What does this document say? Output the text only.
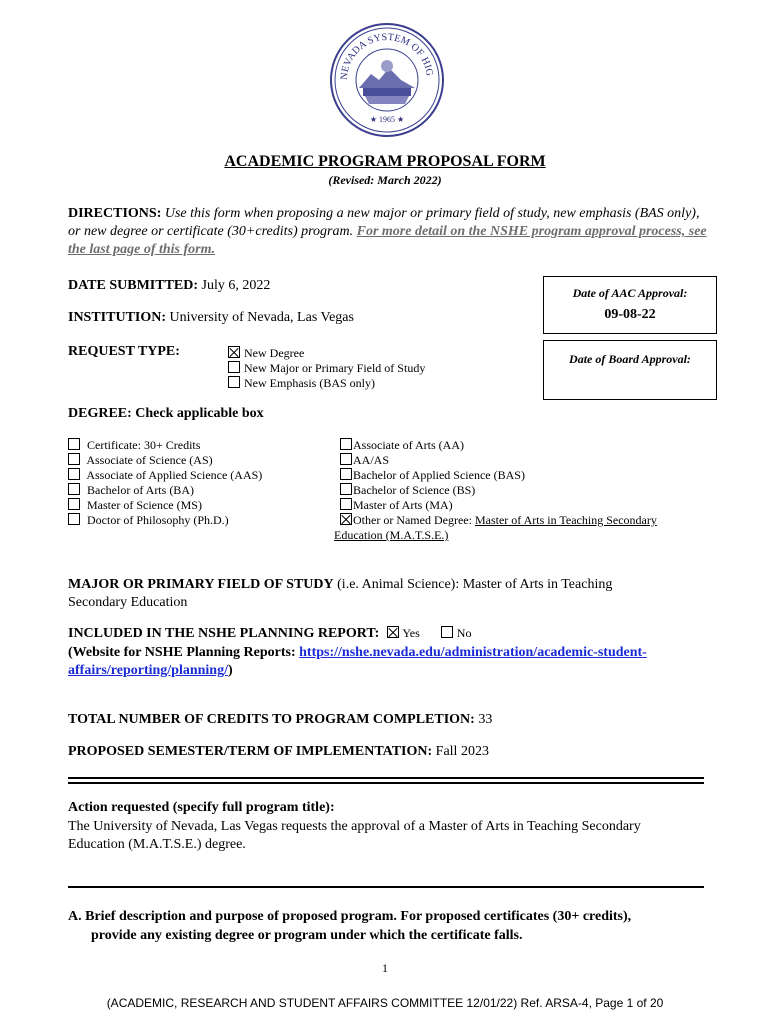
NEVADA SYSTEM OF HIG
★ 1965 ★
ACADEMIC PROGRAM PROPOSAL FORM
(Revised: March 2022)
DIRECTIONS: Use this form when proposing a new major or primary field of study, new emphasis (BAS only), or new degree or certificate (30+credits) program. For more detail on the NSHE program approval process, see the last page of this form.
DATE SUBMITTED: July 6, 2022
INSTITUTION: University of Nevada, Las Vegas
REQUEST TYPE:	New Degree
New Major or Primary Field of Study
New Emphasis (BAS only)
Date of AAC Approval:
09-08-22
Date of Board Approval:
DEGREE: Check applicable box
Certificate: 30+ Credits
Associate of Science (AS)
Associate of Applied Science (AAS)
Bachelor of Arts (BA)
Master of Science (MS)
Doctor of Philosophy (Ph.D.)
Associate of Arts (AA)
AA/AS
Bachelor of Applied Science (BAS)
Bachelor of Science (BS)
Master of Arts (MA)
Other or Named Degree: Master of Arts in Teaching Secondary
Education (M.A.T.S.E.)
MAJOR OR PRIMARY FIELD OF STUDY (i.e. Animal Science): Master of Arts in Teaching
Secondary Education
INCLUDED IN THE NSHE PLANNING REPORT: Yes	No
(Website for NSHE Planning Reports: https://nshe.nevada.edu/administration/academic-student-
affairs/reporting/planning/)
TOTAL NUMBER OF CREDITS TO PROGRAM COMPLETION: 33
PROPOSED SEMESTER/TERM OF IMPLEMENTATION: Fall 2023
Action requested (specify full program title):
The University of Nevada, Las Vegas requests the approval of a Master of Arts in Teaching Secondary
Education (M.A.T.S.E.) degree.
A. Brief description and purpose of proposed program. For proposed certificates (30+ credits),
provide any existing degree or program under which the certificate falls.
1
(ACADEMIC, RESEARCH AND STUDENT AFFAIRS COMMITTEE 12/01/22) Ref. ARSA-4, Page 1 of 20
